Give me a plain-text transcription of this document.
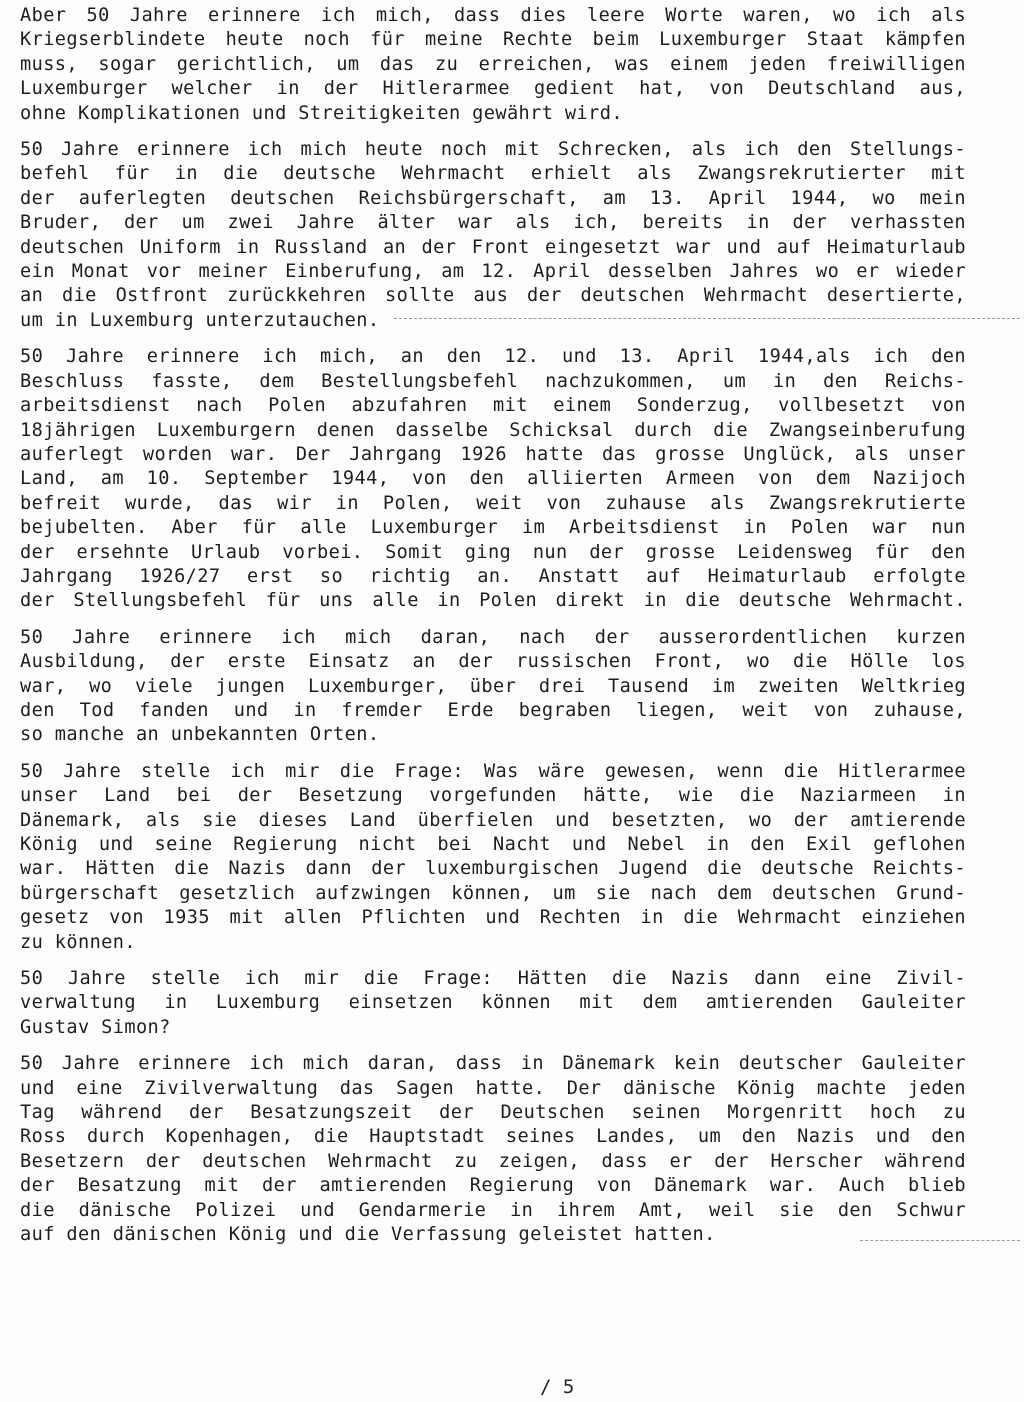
Aber 50 Jahre erinnere ich mich, dass dies leere Worte waren, wo ich als
Kriegserblindete heute noch für meine Rechte beim Luxemburger Staat kämpfen
muss, sogar gerichtlich, um das zu erreichen, was einem jeden freiwilligen
Luxemburger welcher in der Hitlerarmee gedient hat, von Deutschland aus,
ohne Komplikationen und Streitigkeiten gewährt wird.
50 Jahre erinnere ich mich heute noch mit Schrecken, als ich den Stellungs-
befehl für in die deutsche Wehrmacht erhielt als Zwangsrekrutierter mit
der auferlegten deutschen Reichsbürgerschaft, am 13. April 1944, wo mein
Bruder, der um zwei Jahre älter war als ich, bereits in der verhassten
deutschen Uniform in Russland an der Front eingesetzt war und auf Heimaturlaub
ein Monat vor meiner Einberufung, am 12. April desselben Jahres wo er wieder
an die Ostfront zurückkehren sollte aus der deutschen Wehrmacht desertierte,
um in Luxemburg unterzutauchen.
50 Jahre erinnere ich mich, an den 12. und 13. April 1944,als ich den
Beschluss fasste, dem Bestellungsbefehl nachzukommen, um in den Reichs-
arbeitsdienst nach Polen abzufahren mit einem Sonderzug, vollbesetzt von
18jährigen Luxemburgern denen dasselbe Schicksal durch die Zwangseinberufung
auferlegt worden war. Der Jahrgang 1926 hatte das grosse Unglück, als unser
Land, am 10. September 1944, von den alliierten Armeen von dem Nazijoch
befreit wurde, das wir in Polen, weit von zuhause als Zwangsrekrutierte
bejubelten. Aber für alle Luxemburger im Arbeitsdienst in Polen war nun
der ersehnte Urlaub vorbei. Somit ging nun der grosse Leidensweg für den
Jahrgang 1926/27 erst so richtig an. Anstatt auf Heimaturlaub erfolgte
der Stellungsbefehl für uns alle in Polen direkt in die deutsche Wehrmacht.
50 Jahre erinnere ich mich daran, nach der ausserordentlichen kurzen
Ausbildung, der erste Einsatz an der russischen Front, wo die Hölle los
war, wo viele jungen Luxemburger, über drei Tausend im zweiten Weltkrieg
den Tod fanden und in fremder Erde begraben liegen, weit von zuhause,
so manche an unbekannten Orten.
50 Jahre stelle ich mir die Frage: Was wäre gewesen, wenn die Hitlerarmee
unser Land bei der Besetzung vorgefunden hätte, wie die Naziarmeen in
Dänemark, als sie dieses Land überfielen und besetzten, wo der amtierende
König und seine Regierung nicht bei Nacht und Nebel in den Exil geflohen
war. Hätten die Nazis dann der luxemburgischen Jugend die deutsche Reichts-
bürgerschaft gesetzlich aufzwingen können, um sie nach dem deutschen Grund-
gesetz von 1935 mit allen Pflichten und Rechten in die Wehrmacht einziehen
zu können.
50 Jahre stelle ich mir die Frage: Hätten die Nazis dann eine Zivil-
verwaltung in Luxemburg einsetzen können mit dem amtierenden Gauleiter
Gustav Simon?
50 Jahre erinnere ich mich daran, dass in Dänemark kein deutscher Gauleiter
und eine Zivilverwaltung das Sagen hatte. Der dänische König machte jeden
Tag während der Besatzungszeit der Deutschen seinen Morgenritt hoch zu
Ross durch Kopenhagen, die Hauptstadt seines Landes, um den Nazis und den
Besetzern der deutschen Wehrmacht zu zeigen, dass er der Herscher während
der Besatzung mit der amtierenden Regierung von Dänemark war. Auch blieb
die dänische Polizei und Gendarmerie in ihrem Amt, weil sie den Schwur
auf den dänischen König und die Verfassung geleistet hatten.
/ 5
